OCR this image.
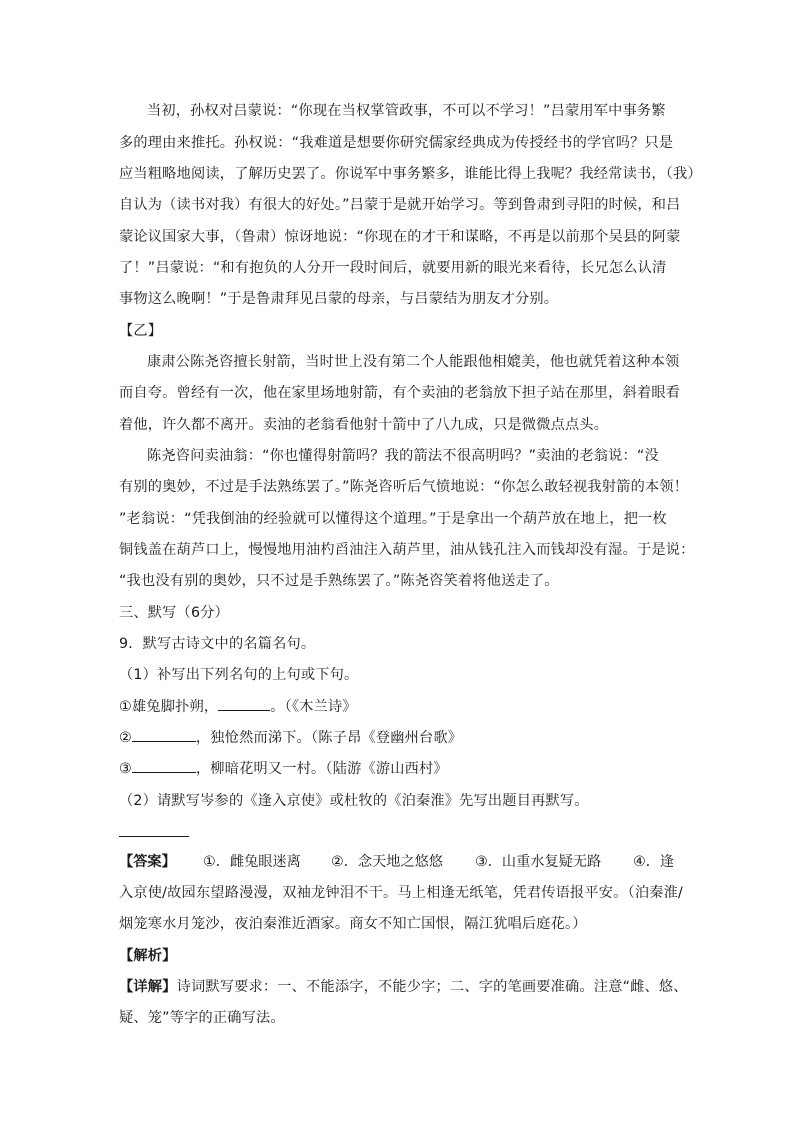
当初，孙权对吕蒙说：“你现在当权掌管政事，不可以不学习！”吕蒙用军中事务繁
多的理由来推托。孙权说：“我难道是想要你研究儒家经典成为传授经书的学官吗？只是
应当粗略地阅读，了解历史罢了。你说军中事务繁多，谁能比得上我呢？我经常读书，（我）
自认为（读书对我）有很大的好处。”吕蒙于是就开始学习。等到鲁肃到寻阳的时候，和吕
蒙论议国家大事，（鲁肃）惊讶地说：“你现在的才干和谋略，不再是以前那个吴县的阿蒙
了！”吕蒙说：“和有抱负的人分开一段时间后，就要用新的眼光来看待，长兄怎么认清
事物这么晚啊！”于是鲁肃拜见吕蒙的母亲，与吕蒙结为朋友才分别。
【乙】
康肃公陈尧咨擅长射箭，当时世上没有第二个人能跟他相媲美，他也就凭着这种本领
而自夸。曾经有一次，他在家里场地射箭，有个卖油的老翁放下担子站在那里，斜着眼看
着他，许久都不离开。卖油的老翁看他射十箭中了八九成，只是微微点点头。
陈尧咨问卖油翁：“你也懂得射箭吗？我的箭法不很高明吗？”卖油的老翁说：“没
有别的奥妙，不过是手法熟练罢了。”陈尧咨听后气愤地说：“你怎么敢轻视我射箭的本领！
”老翁说：“凭我倒油的经验就可以懂得这个道理。”于是拿出一个葫芦放在地上，把一枚
铜钱盖在葫芦口上，慢慢地用油杓舀油注入葫芦里，油从钱孔注入而钱却没有湿。于是说：
“我也没有别的奥妙，只不过是手熟练罢了。”陈尧咨笑着将他送走了。
三、默写（6分）
9．默写古诗文中的名篇名句。
（1）补写出下列名句的上句或下句。
①雄兔脚扑朔，	。（《木兰诗》
②	，独怆然而涕下。（陈子昂《登幽州台歌》
③	，柳暗花明又一村。（陆游《游山西村》
（2）请默写岑参的《逢入京使》或杜牧的《泊秦淮》先写出题目再默写。
【答案】 ①．雌兔眼迷离 ②．念天地之悠悠 ③．山重水复疑无路 ④．逢
入京使/故园东望路漫漫，双袖龙钟泪不干。马上相逢无纸笔，凭君传语报平安。（泊秦淮/
烟笼寒水月笼沙，夜泊秦淮近酒家。商女不知亡国恨，隔江犹唱后庭花。）
【解析】
【详解】诗词默写要求：一、不能添字，不能少字；二、字的笔画要准确。注意“雌、悠、
疑、笼”等字的正确写法。
